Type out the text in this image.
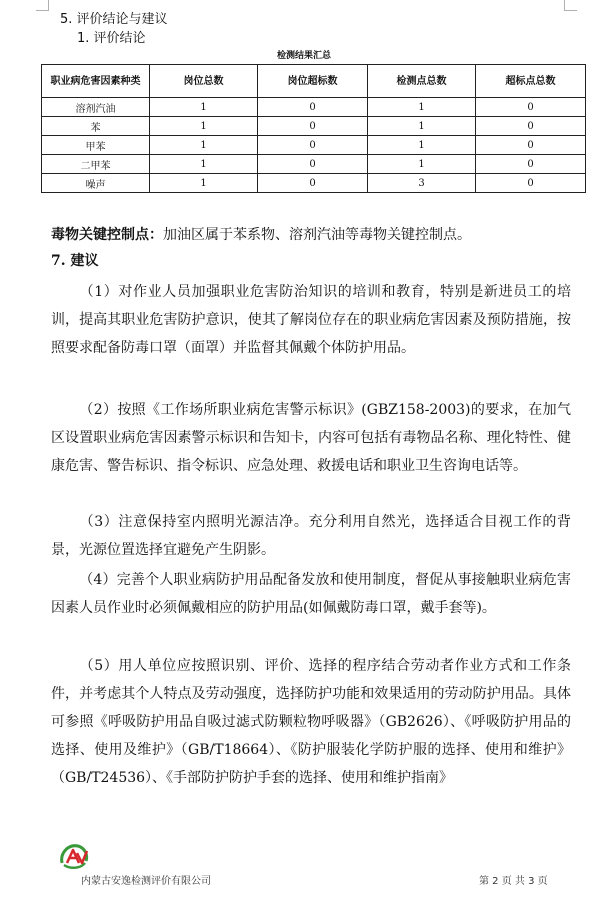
5. 评价结论与建议
1. 评价结论
检测结果汇总
职业病危害因素种类	岗位总数	岗位超标数	检测点总数	超标点总数
溶剂汽油	1	0	1	0
苯	1	0	1	0
甲苯	1	0	1	0
二甲苯	1	0	1	0
噪声	1	0	3	0
毒物关键控制点：加油区属于苯系物、溶剂汽油等毒物关键控制点。
7. 建议
（1）对作业人员加强职业危害防治知识的培训和教育，特别是新进员工的培训，提高其职业危害防护意识，使其了解岗位存在的职业病危害因素及预防措施，按照要求配备防毒口罩（面罩）并监督其佩戴个体防护用品。
（2）按照《工作场所职业病危害警示标识》(GBZ158-2003)的要求，在加气区设置职业病危害因素警示标识和告知卡，内容可包括有毒物品名称、理化特性、健康危害、警告标识、指令标识、应急处理、救援电话和职业卫生咨询电话等。
（3）注意保持室内照明光源洁净。充分利用自然光，选择适合目视工作的背景，光源位置选择宜避免产生阴影。
（4）完善个人职业病防护用品配备发放和使用制度，督促从事接触职业病危害因素人员作业时必须佩戴相应的防护用品(如佩戴防毒口罩，戴手套等)。
（5）用人单位应按照识别、评价、选择的程序结合劳动者作业方式和工作条件，并考虑其个人特点及劳动强度，选择防护功能和效果适用的劳动防护用品。具体可参照《呼吸防护用品自吸过滤式防颗粒物呼吸器》（GB2626）、《呼吸防护用品的选择、使用及维护》（GB/T18664）、《防护服装化学防护服的选择、使用和维护》（GB/T24536）、《手部防护防护手套的选择、使用和维护指南》
内蒙古安逸检测评价有限公司	第 2 页 共 3 页
